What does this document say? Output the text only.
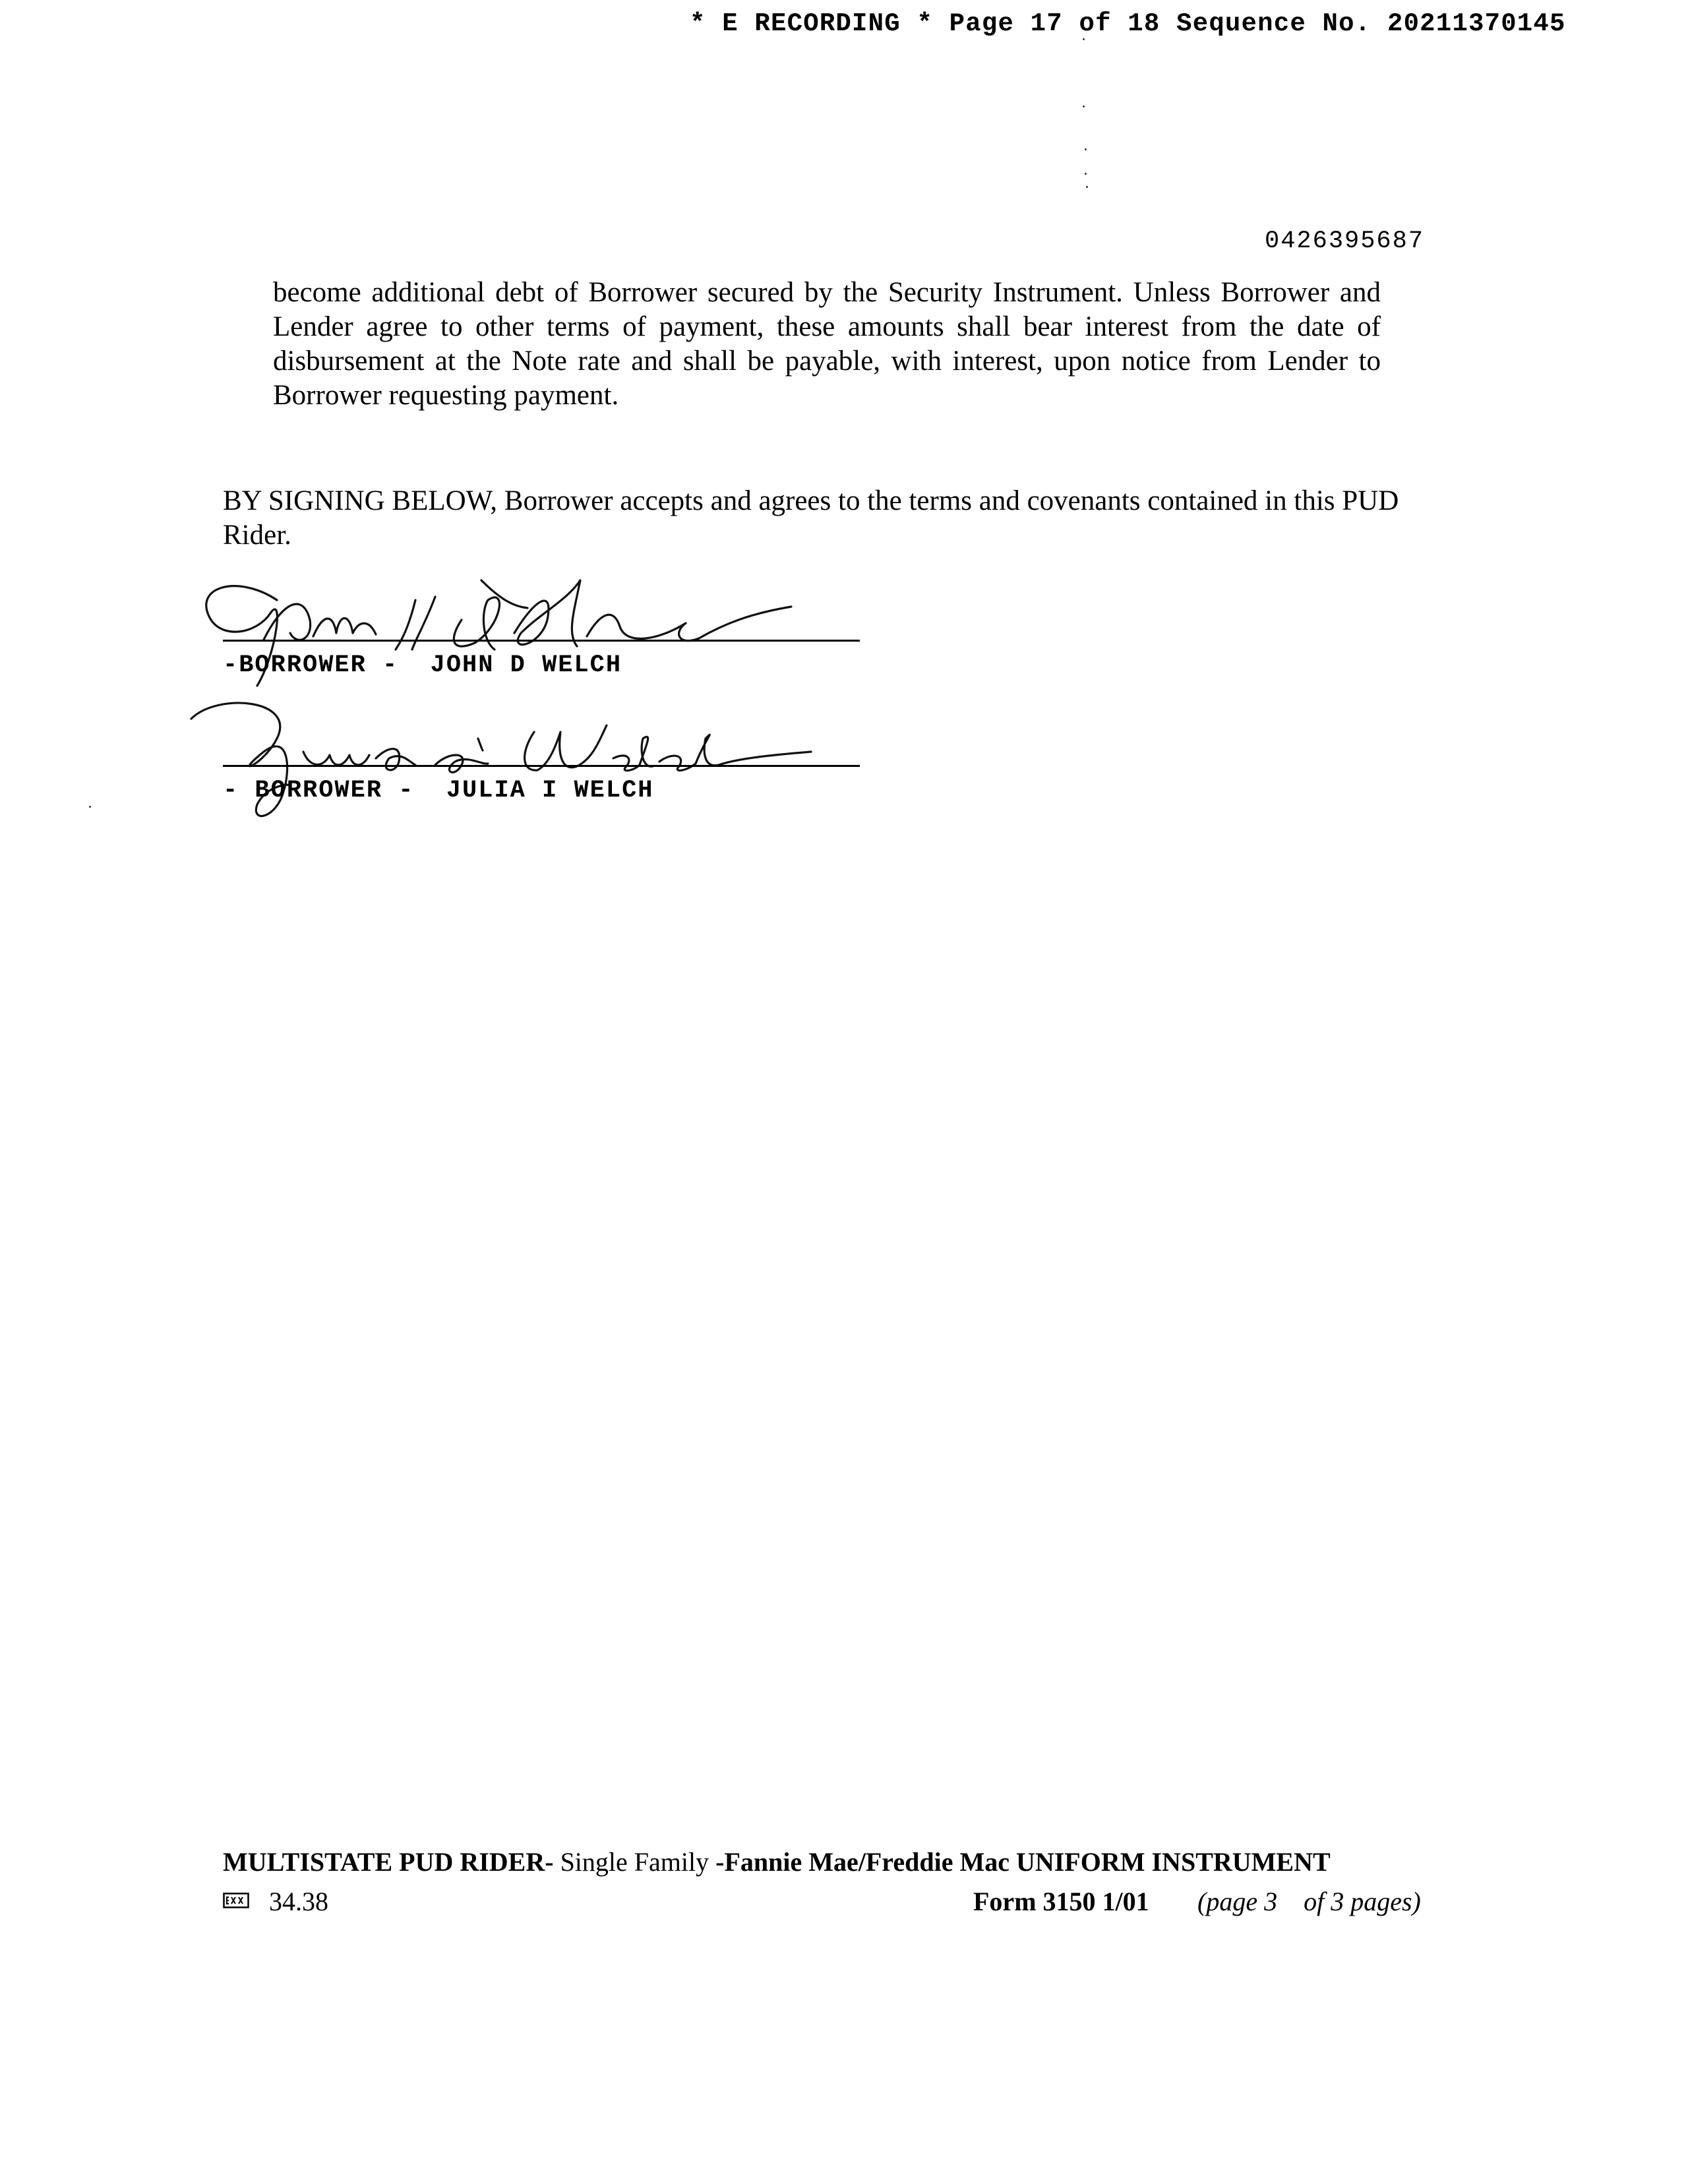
* E RECORDING * Page 17 of 18 Sequence No. 20211370145
0426395687
become additional debt of Borrower secured by the Security Instrument. Unless Borrower and Lender agree to other terms of payment, these amounts shall bear interest from the date of disbursement at the Note rate and shall be payable, with interest, upon notice from Lender to Borrower requesting payment.
BY SIGNING BELOW, Borrower accepts and agrees to the terms and covenants contained in this PUD Rider.
-BORROWER -  JOHN D WELCH
- BORROWER -  JULIA I WELCH
MULTISTATE PUD RIDER- Single Family -Fannie Mae/Freddie Mac UNIFORM INSTRUMENT
34.38	Form 3150 1/01 (page 3    of 3 pages)
